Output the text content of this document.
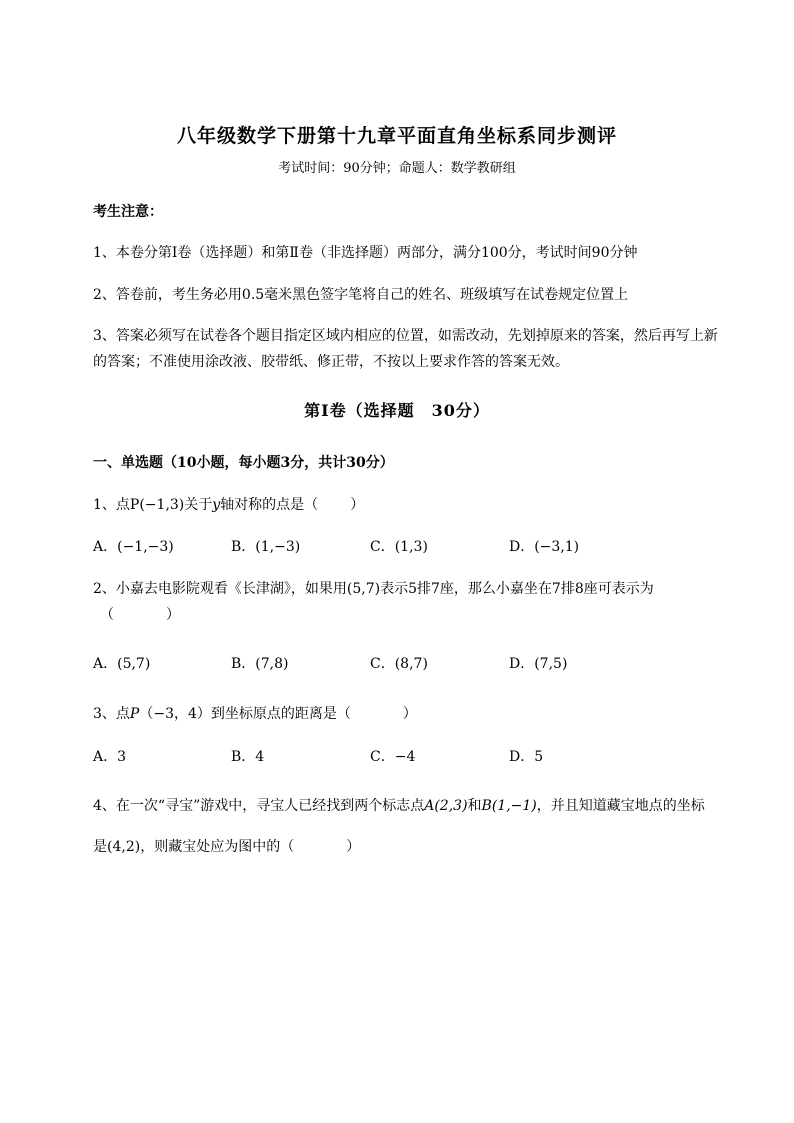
八年级数学下册第十九章平面直角坐标系同步测评
考试时间：90分钟；命题人：数学教研组
考生注意：
1、本卷分第Ⅰ卷（选择题）和第Ⅱ卷（非选择题）两部分，满分100分，考试时间90分钟
2、答卷前，考生务必用0.5毫米黑色签字笔将自己的姓名、班级填写在试卷规定位置上
3、答案必须写在试卷各个题目指定区域内相应的位置，如需改动，先划掉原来的答案，然后再写上新
的答案；不准使用涂改液、胶带纸、修正带，不按以上要求作答的答案无效。
第Ⅰ卷（选择题　30分）
一、单选题（10小题，每小题3分，共计30分）
1、点P(−1,3)关于y轴对称的点是（ ）
A．(−1,−3)	B．(1,−3)	C．(1,3)	D．(−3,1)
2、小嘉去电影院观看《长津湖》，如果用(5,7)表示5排7座，那么小嘉坐在7排8座可表示为
（	）
A．(5,7)	B．(7,8)	C．(8,7)	D．(7,5)
3、点P（−3，4）到坐标原点的距离是（	）
A．3	B．4	C．−4	D．5
4、在一次“寻宝”游戏中，寻宝人已经找到两个标志点A(2,3)和B(1,−1)，并且知道藏宝地点的坐标
是(4,2)，则藏宝处应为图中的（	）
